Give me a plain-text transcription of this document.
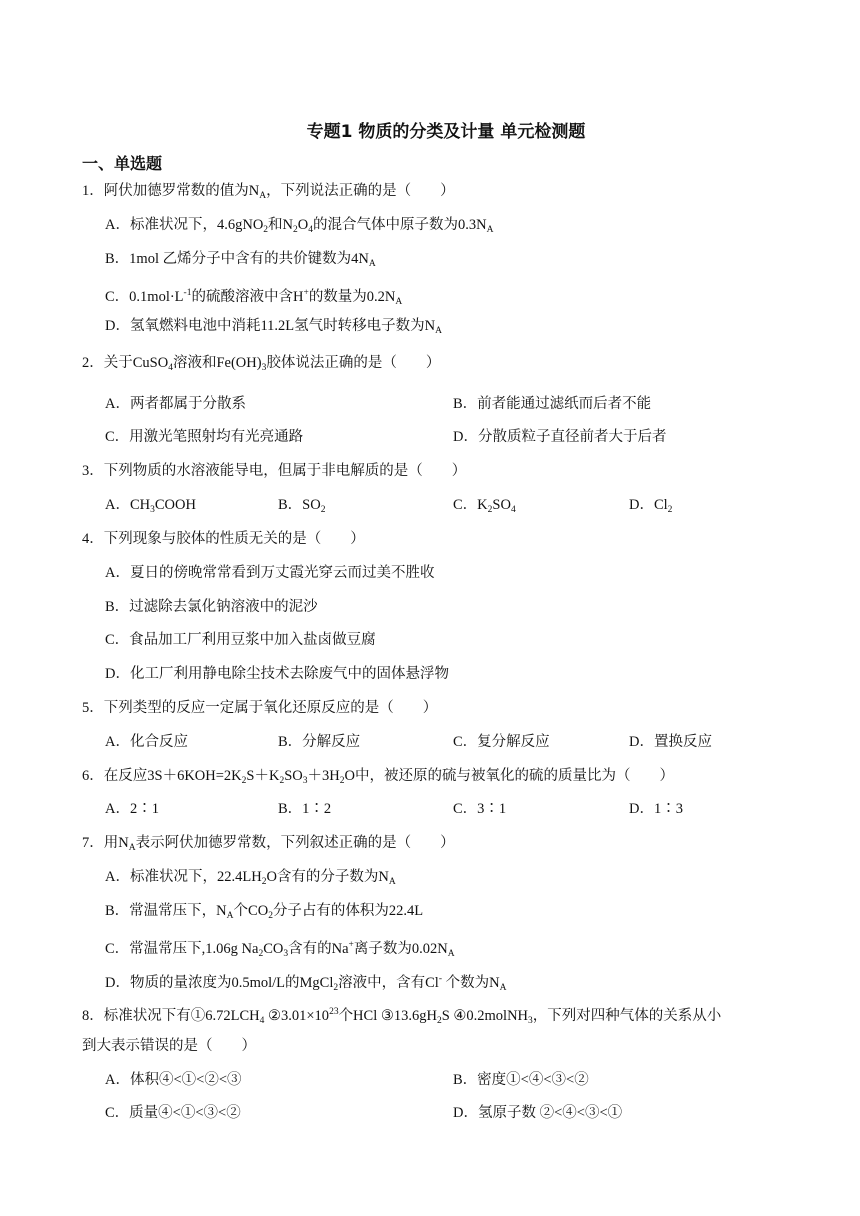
专题1 物质的分类及计量 单元检测题
一、单选题
1．阿伏加德罗常数的值为$N_A$，下列说法正确的是（　　）
A．标准状况下，4.6gNO$_2$和$N_2O_4$的混合气体中原子数为$0.3N_A$
B．1mol 乙烯分子中含有的共价键数为$4N_A$
C．$0.1mol\cdot L^{-1}$的硫酸溶液中含H+的数量为$0.2N_A$
D．氢氧燃料电池中消耗11.2L氢气时转移电子数为$N_A$
2．关于CuSO$_4$溶液和$Fe(OH)_3$胶体说法正确的是（　　）
A．两者都属于分散系	B．前者能通过滤纸而后者不能
C．用激光笔照射均有光亮通路	D．分散质粒子直径前者大于后者
3．下列物质的水溶液能导电，但属于非电解质的是（　　）
A．$CH_3COOH$	B．$SO_2$	C．$K_2SO_4$	D．$Cl_2$
4．下列现象与胶体的性质无关的是（　　）
A．夏日的傍晚常常看到万丈霞光穿云而过美不胜收
B．过滤除去氯化钠溶液中的泥沙
C．食品加工厂利用豆浆中加入盐卤做豆腐
D．化工厂利用静电除尘技术去除废气中的固体悬浮物
5．下列类型的反应一定属于氧化还原反应的是（　　）
A．化合反应	B．分解反应	C．复分解反应	D．置换反应
6．在反应$3S+6KOH=2K_2S+K_2SO_3+3H_2O$中，被还原的硫与被氧化的硫的质量比为（　　）
A．2∶1	B．1∶2	C．3∶1	D．1∶3
7．用$N_A$表示阿伏加德罗常数，下列叙述正确的是（　　）
A．标准状况下，$22.4LH_2O$含有的分子数为$N_A$
B．常温常压下，$N_A$个$CO_2$分子占有的体积为22.4L
C．常温常压下,1.06g $Na_2CO_3$含有的Na+离子数为$0.02N_A$
D．物质的量浓度为0.5mol/L的MgCl$_2$溶液中，含有Cl- 个数为$N_A$
8．标准状况下有$①6.72LCH_4$ $②3.01\times 10^{23}$个HCl $③13.6gH_2S$ ④0.2molNH$_3$，下列对四种气体的关系从小
到大表示错误的是（　　）
A．体积④<①<②<③	B．密度①<④<③<②
C．质量④<①<③<②	D．氢原子数 ②<④<③<①
